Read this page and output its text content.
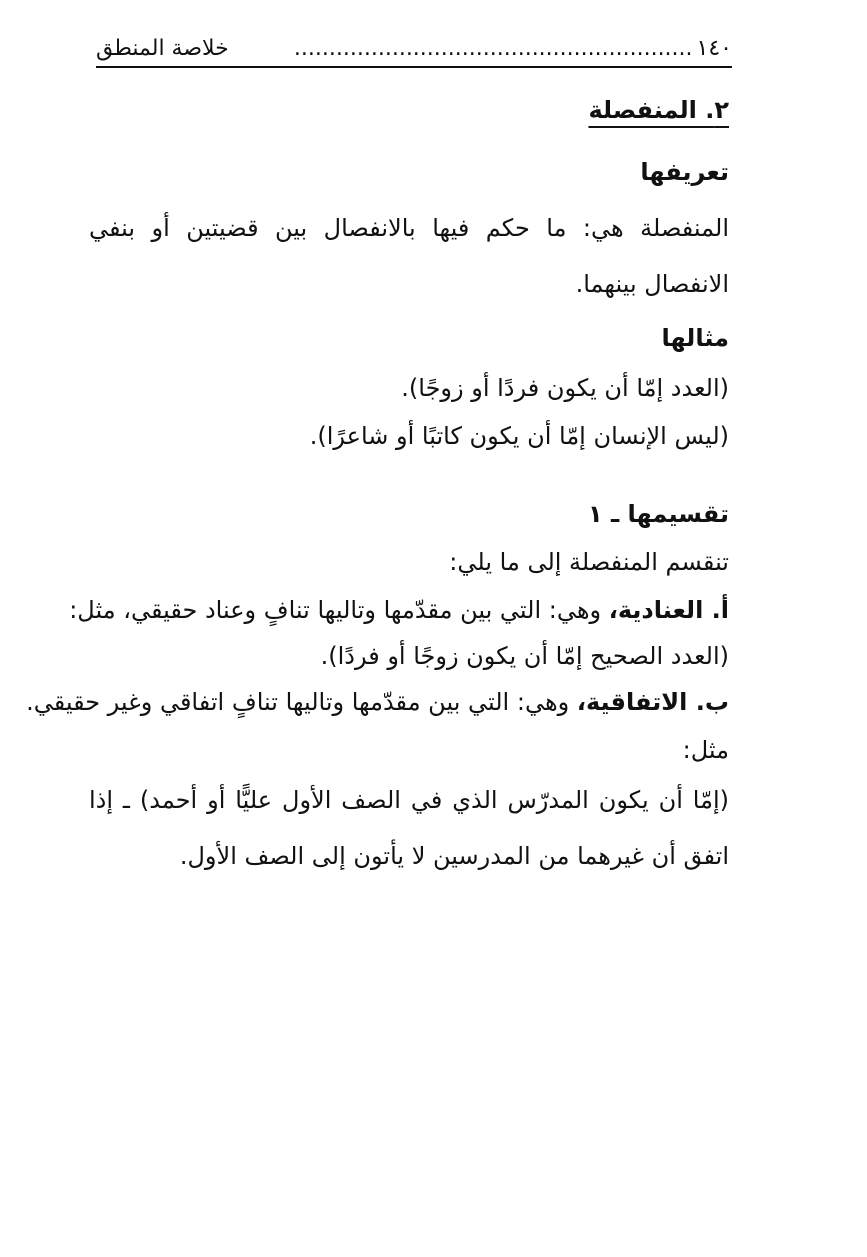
١٤٠
.........................................................
خلاصة المنطق
٢. المنفصلة
تعريفها
المنفصلة هي: ما حكم فيها بالانفصال بين قضيتين أو بنفي الانفصال بينهما.
مثالها
(العدد إمّا أن يكون فردًا أو زوجًا).
(ليس الإنسان إمّا أن يكون كاتبًا أو شاعرًا).
تقسيمها ـ ١
تنقسم المنفصلة إلى ما يلي:
أ. العنادية، وهي: التي بين مقدّمها وتاليها تنافٍ وعناد حقيقي، مثل:
(العدد الصحيح إمّا أن يكون زوجًا أو فردًا).
ب. الاتفاقية، وهي: التي بين مقدّمها وتاليها تنافٍ اتفاقي وغير حقيقي.
مثل:
(إمّا أن يكون المدرّس الذي في الصف الأول عليًّا أو أحمد) ـ إذا اتفق أن غيرهما من المدرسين لا يأتون إلى الصف الأول.
